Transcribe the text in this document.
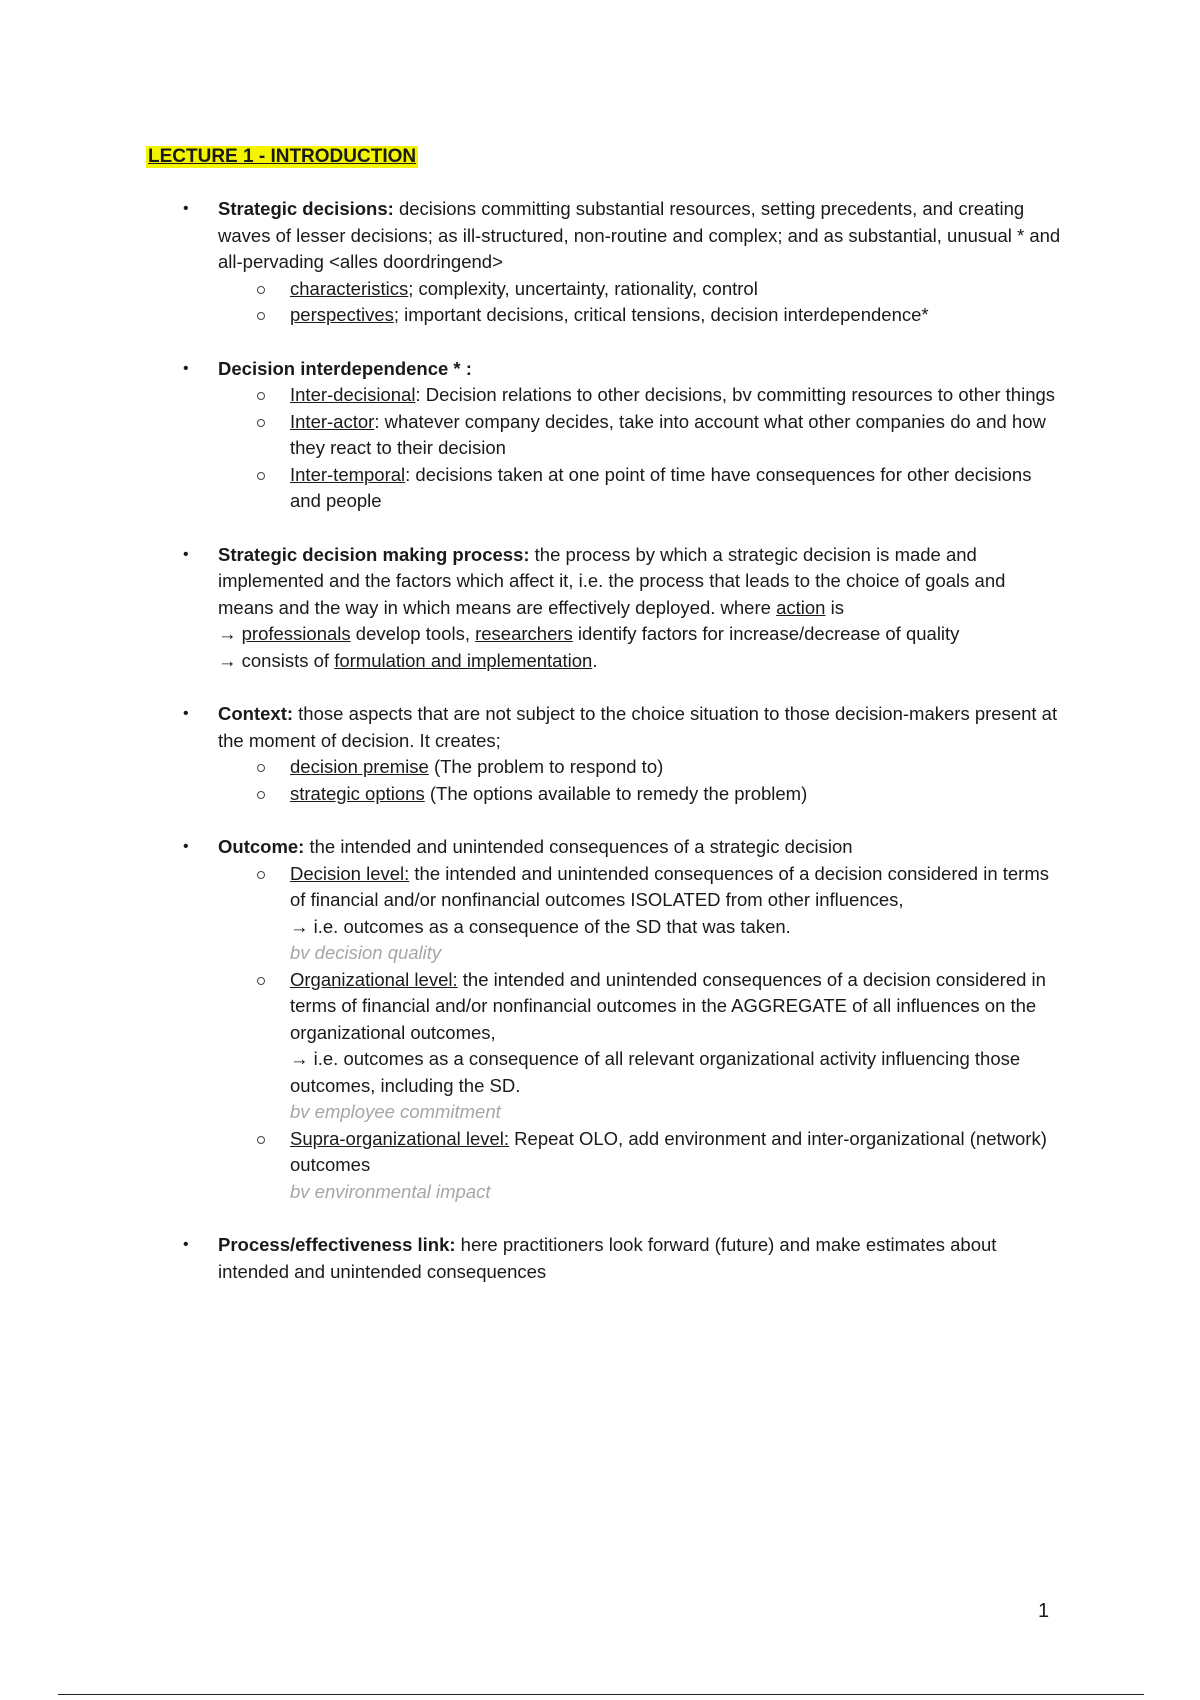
LECTURE 1 - INTRODUCTION
• Strategic decisions: decisions committing substantial resources, setting precedents, and creating waves of lesser decisions; as ill-structured, non-routine and complex; and as substantial, unusual * and all-pervading <alles doordringend>
characteristics; complexity, uncertainty, rationality, control
perspectives; important decisions, critical tensions, decision interdependence*
• Decision interdependence * :
Inter-decisional: Decision relations to other decisions, bv committing resources to other things
Inter-actor: whatever company decides, take into account what other companies do and how they react to their decision
Inter-temporal: decisions taken at one point of time have consequences for other decisions and people
• Strategic decision making process: the process by which a strategic decision is made and implemented and the factors which affect it, i.e. the process that leads to the choice of goals and means and the way in which means are effectively deployed. where action is
→ professionals develop tools, researchers identify factors for increase/decrease of quality
→ consists of formulation and implementation.
• Context: those aspects that are not subject to the choice situation to those decision-makers present at the moment of decision. It creates;
decision premise (The problem to respond to)
strategic options (The options available to remedy the problem)
• Outcome: the intended and unintended consequences of a strategic decision
Decision level: the intended and unintended consequences of a decision considered in terms of financial and/or nonfinancial outcomes ISOLATED from other influences,
→ i.e. outcomes as a consequence of the SD that was taken.
bv decision quality
Organizational level: the intended and unintended consequences of a decision considered in terms of financial and/or nonfinancial outcomes in the AGGREGATE of all influences on the organizational outcomes,
→ i.e. outcomes as a consequence of all relevant organizational activity influencing those outcomes, including the SD.
bv employee commitment
Supra-organizational level: Repeat OLO, add environment and inter-organizational (network) outcomes
bv environmental impact
• Process/effectiveness link: here practitioners look forward (future) and make estimates about intended and unintended consequences
1
